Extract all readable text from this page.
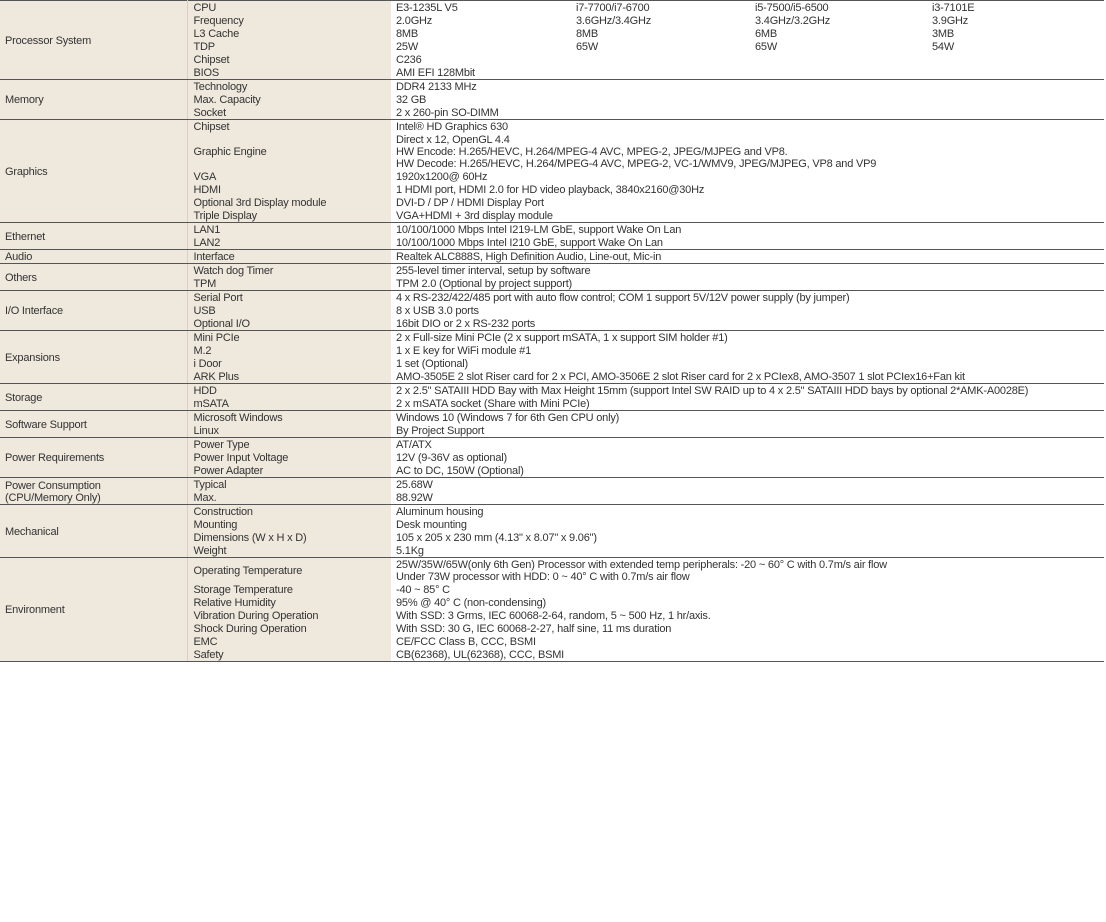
Processor System	CPU	E3-1235L V5	i7-7700/i7-6700	i5-7500/i5-6500	i3-7101E
	Frequency	2.0GHz	3.6GHz/3.4GHz	3.4GHz/3.2GHz	3.9GHz
	L3 Cache	8MB	8MB	6MB	3MB
	TDP	25W	65W	65W	54W
	Chipset	C236			

	BIOS	AMI EFI 128Mbit			

Memory	Technology	DDR4 2133 MHz			

	Max. Capacity	32 GB			

	Socket	2 x 260-pin SO-DIMM			

Graphics	Chipset	Intel® HD Graphics 630			

	Graphic Engine	Direct x 12, OpenGL 4.4
HW Encode: H.265/HEVC, H.264/MPEG-4 AVC, MPEG-2, JPEG/MJPEG and VP8.
HW Decode: H.265/HEVC, H.264/MPEG-4 AVC, MPEG-2, VC-1/WMV9, JPEG/MJPEG, VP8 and VP9			

	VGA	1920x1200@ 60Hz			

	HDMI	1 HDMI port, HDMI 2.0 for HD video playback, 3840x2160@30Hz			

	Optional 3rd Display module	DVI-D / DP / HDMI Display Port			

	Triple Display	VGA+HDMI + 3rd display module			

Ethernet	LAN1	10/100/1000 Mbps Intel I219-LM GbE, support Wake On Lan			

	LAN2	10/100/1000 Mbps Intel I210 GbE, support Wake On Lan			

Audio	Interface	Realtek ALC888S, High Definition Audio, Line-out, Mic-in			

Others	Watch dog Timer	255-level timer interval, setup by software			

	TPM	TPM 2.0 (Optional by project support)			

I/O Interface	Serial Port	4 x RS-232/422/485 port with auto flow control; COM 1 support 5V/12V power supply (by jumper)			

	USB	8 x USB 3.0 ports			

	Optional I/O	16bit DIO or 2 x RS-232 ports			

Expansions	Mini PCIe	2 x Full-size Mini PCIe (2 x support mSATA, 1 x support SIM holder #1)			

	M.2	1 x E key for WiFi module #1			

	i Door	1 set (Optional)			

	ARK Plus	AMO-3505E 2 slot Riser card for 2 x PCI, AMO-3506E 2 slot Riser card for 2 x PCIex8, AMO-3507 1 slot PCIex16+Fan kit			

Storage	HDD	2 x 2.5" SATAIII HDD Bay with Max Height 15mm (support Intel SW RAID up to 4 x 2.5" SATAIII HDD bays by optional 2*AMK-A0028E)			

	mSATA	2 x mSATA socket (Share with Mini PCIe)			

Software Support	Microsoft Windows	Windows 10 (Windows 7 for 6th Gen CPU only)			

	Linux	By Project Support			

Power Requirements	Power Type	AT/ATX			

	Power Input Voltage	12V (9-36V as optional)			

	Power Adapter	AC to DC, 150W (Optional)			

Power Consumption
(CPU/Memory Only)	Typical	25.68W			

	Max.	88.92W			

Mechanical	Construction	Aluminum housing			

	Mounting	Desk mounting			

	Dimensions (W x H x D)	105 x 205 x 230 mm (4.13" x 8.07" x 9.06")			

	Weight	5.1Kg			

Environment	Operating Temperature	25W/35W/65W(only 6th Gen) Processor with extended temp peripherals: -20 ~ 60° C with 0.7m/s air flow
Under 73W processor with HDD: 0 ~ 40° C with 0.7m/s air flow			

	Storage Temperature	-40 ~ 85° C			

	Relative Humidity	95% @ 40° C (non-condensing)			

	Vibration During Operation	With SSD: 3 Grms, IEC 60068-2-64, random, 5 ~ 500 Hz, 1 hr/axis.			

	Shock During Operation	With SSD: 30 G, IEC 60068-2-27, half sine, 11 ms duration			

	EMC	CE/FCC Class B, CCC, BSMI			

	Safety	CB(62368), UL(62368), CCC, BSMI			
